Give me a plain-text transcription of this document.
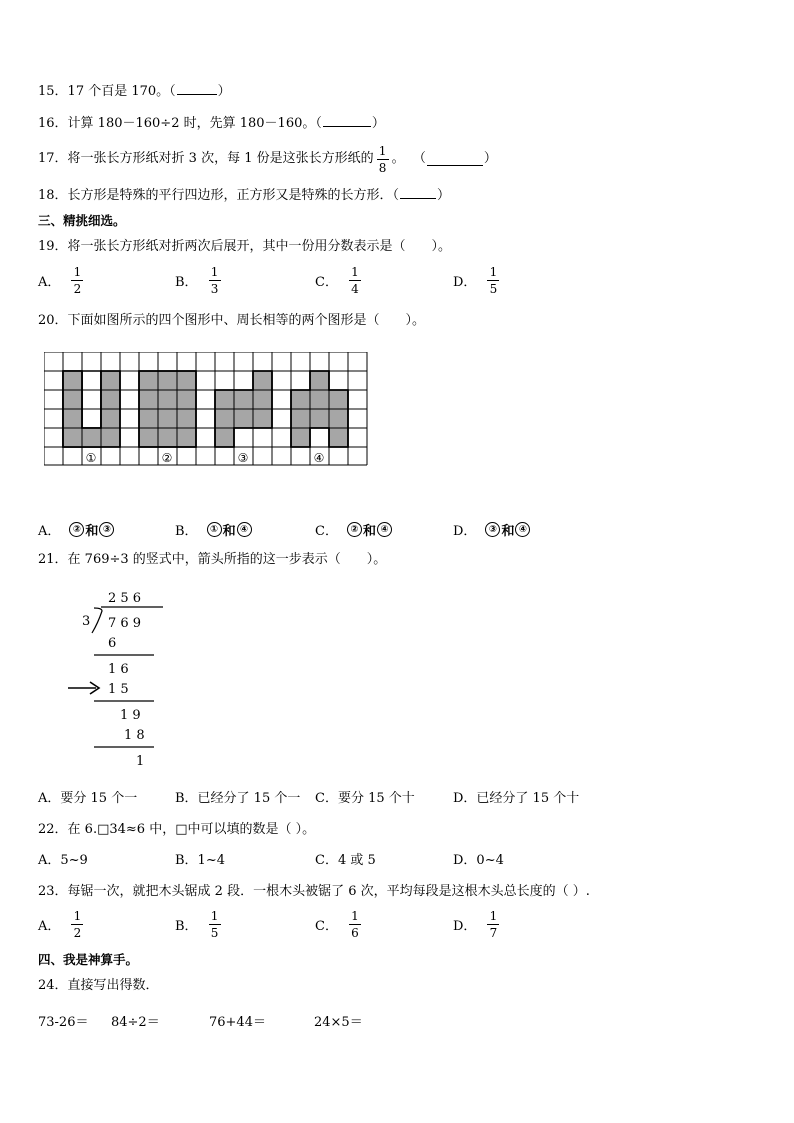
15．17 个百是 170。（	）
16．计算 180－160÷2 时，先算 180－160。（	）
17．将一张长方形纸对折 3 次，每 1 份是这张长方形纸的 $\frac{1}{8}$ 。  （	）
18．长方形是特殊的平行四边形，正方形又是特殊的长方形．（	）
三、精挑细选。
19．将一张长方形纸对折两次后展开，其中一份用分数表示是（　　）。
A． $\frac{1}{2}$	B． $\frac{1}{3}$	C． $\frac{1}{4}$	D． $\frac{1}{5}$
20．下面如图所示的四个图形中、周长相等的两个图形是（　　）。
①	②	③	④
A．	② 和 ③	B．	① 和 ④	C．	② 和 ④	D．	③ 和 ④
21．在 769÷3 的竖式中，箭头所指的这一步表示（　　）。
2 5 6
3 7 6 9
6
1 6
1 5
1 9
1 8
1
A．要分 15 个一	B．已经分了 15 个一 C．要分 15 个十	D．已经分了 15 个十
22．在 6.□34≈6 中，□中可以填的数是（ ）。
A．5~9	B．1~4	C．4 或 5	D．0~4
23．每锯一次，就把木头锯成 2 段．一根木头被锯了 6 次，平均每段是这根木头总长度的（ ）.
A． $\frac{1}{2}$	B． $\frac{1}{5}$	C． $\frac{1}{6}$	D． $\frac{1}{7}$
四、我是神算手。
24．直接写出得数．
73-26＝ 84÷2＝	76+44＝	24×5＝
